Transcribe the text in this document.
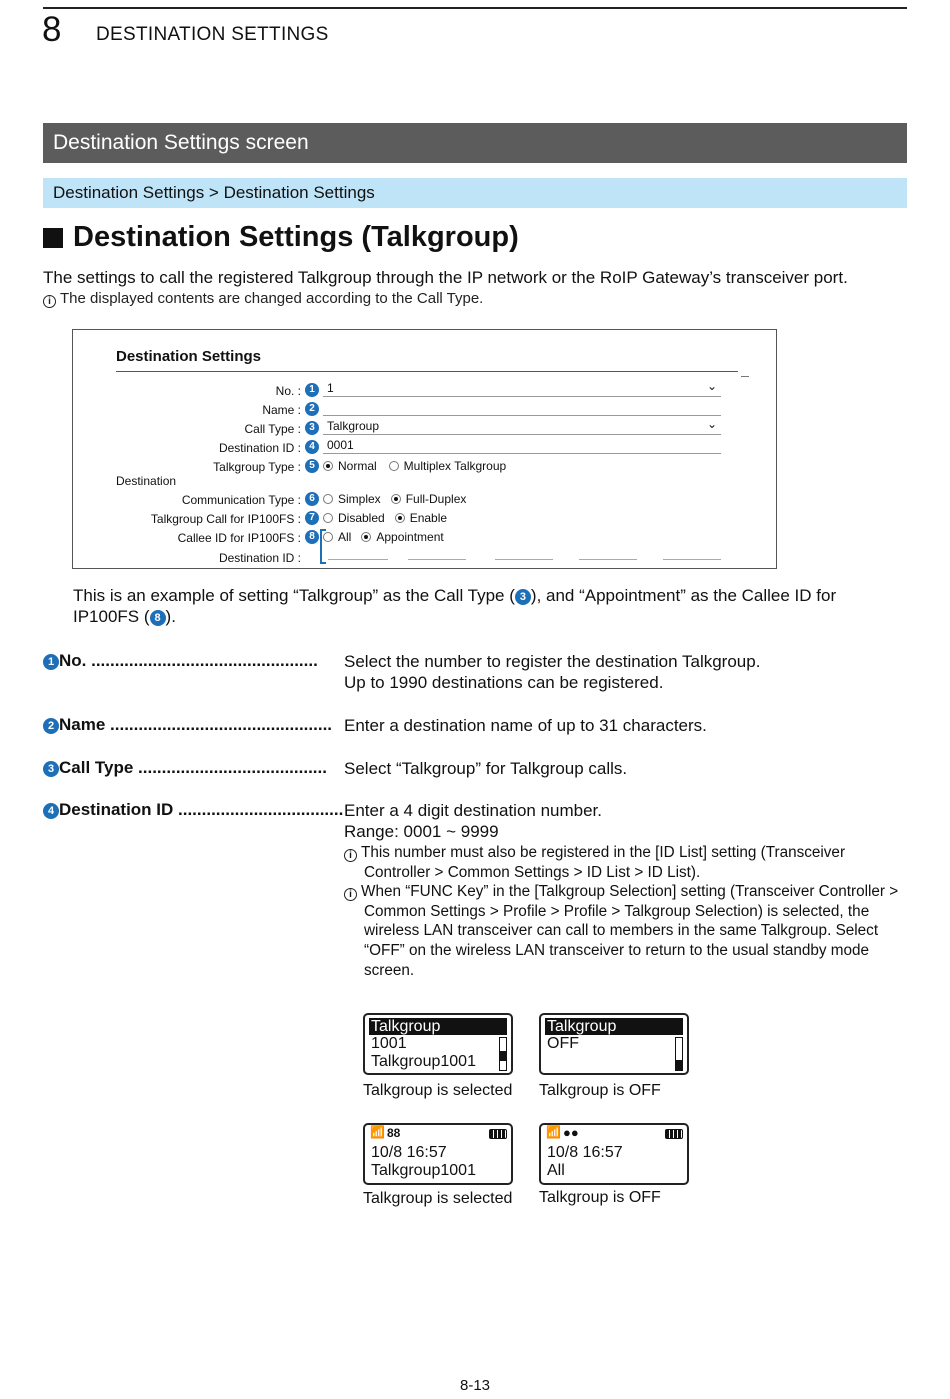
8 DESTINATION SETTINGS
Destination Settings screen
Destination Settings > Destination Settings
Destination Settings (Talkgroup)
The settings to call the registered Talkgroup through the IP network or the RoIP Gateway’s transceiver port.
i The displayed contents are changed according to the Call Type.
Destination Settings
No. : 1	1	⌄
Name : 2
Call Type : 3	Talkgroup	⌄
Destination ID : 4	0001
Talkgroup Type : 5	Normal	Multiplex Talkgroup
Destination
Communication Type : 6	Simplex	Full-Duplex
Talkgroup Call for IP100FS : 7	Disabled	Enable
Callee ID for IP100FS : 8	All	Appointment
Destination ID :
This is an example of setting “Talkgroup” as the Call Type ( 3 ), and “Appointment” as the Callee ID for IP100FS ( 8 ).
1 No. ................................................ Select the number to register the destination Talkgroup.
Up to 1990 destinations can be registered.
2 Name ............................................... Enter a destination name of up to 31 characters.
3 Call Type ........................................ Select “Talkgroup” for Talkgroup calls.
4 Destination ID ................................... Enter a 4 digit destination number.
Range: 0001 ~ 9999
i This number must also be registered in the [ID List] setting (Transceiver Controller > Common Settings > ID List > ID List).
i When “FUNC Key” in the [Talkgroup Selection] setting (Transceiver Controller > Common Settings > Profile > Profile > Talkgroup Selection) is selected, the wireless LAN transceiver can call to members in the same Talkgroup. Select “OFF” on the wireless LAN transceiver to return to the usual standby mode screen.
Talkgroup
1001
Talkgroup1001
Talkgroup
OFF
Talkgroup is selected Talkgroup is OFF
📶 88
10/8 16:57
Talkgroup1001
📶 ●●
10/8 16:57
All
Talkgroup is selected Talkgroup is OFF
8-13
